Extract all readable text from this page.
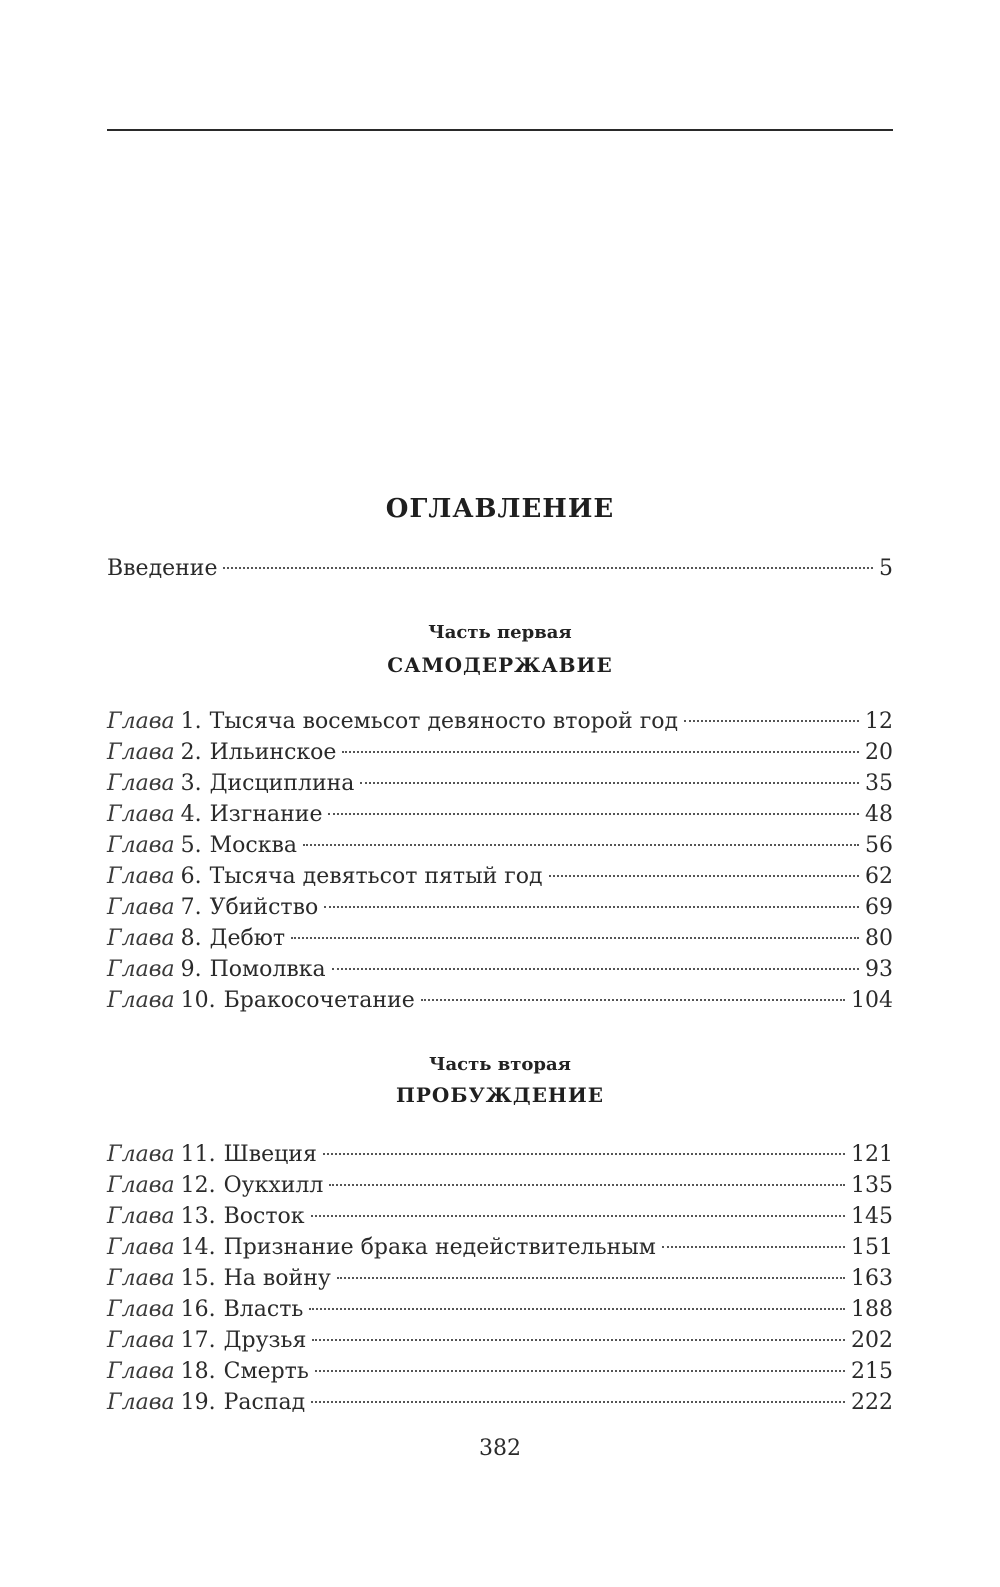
ОГЛАВЛЕНИЕ
Введение	5
Часть первая
САМОДЕРЖАВИЕ
Глава 1. Тысяча восемьсот девяносто второй год	12
Глава 2. Ильинское	20
Глава 3. Дисциплина	35
Глава 4. Изгнание	48
Глава 5. Москва	56
Глава 6. Тысяча девятьсот пятый год	62
Глава 7. Убийство	69
Глава 8. Дебют	80
Глава 9. Помолвка	93
Глава 10. Бракосочетание	104
Часть вторая
ПРОБУЖДЕНИЕ
Глава 11. Швеция	121
Глава 12. Оукхилл	135
Глава 13. Восток	145
Глава 14. Признание брака недействительным	151
Глава 15. На войну	163
Глава 16. Власть	188
Глава 17. Друзья	202
Глава 18. Смерть	215
Глава 19. Распад	222
382
